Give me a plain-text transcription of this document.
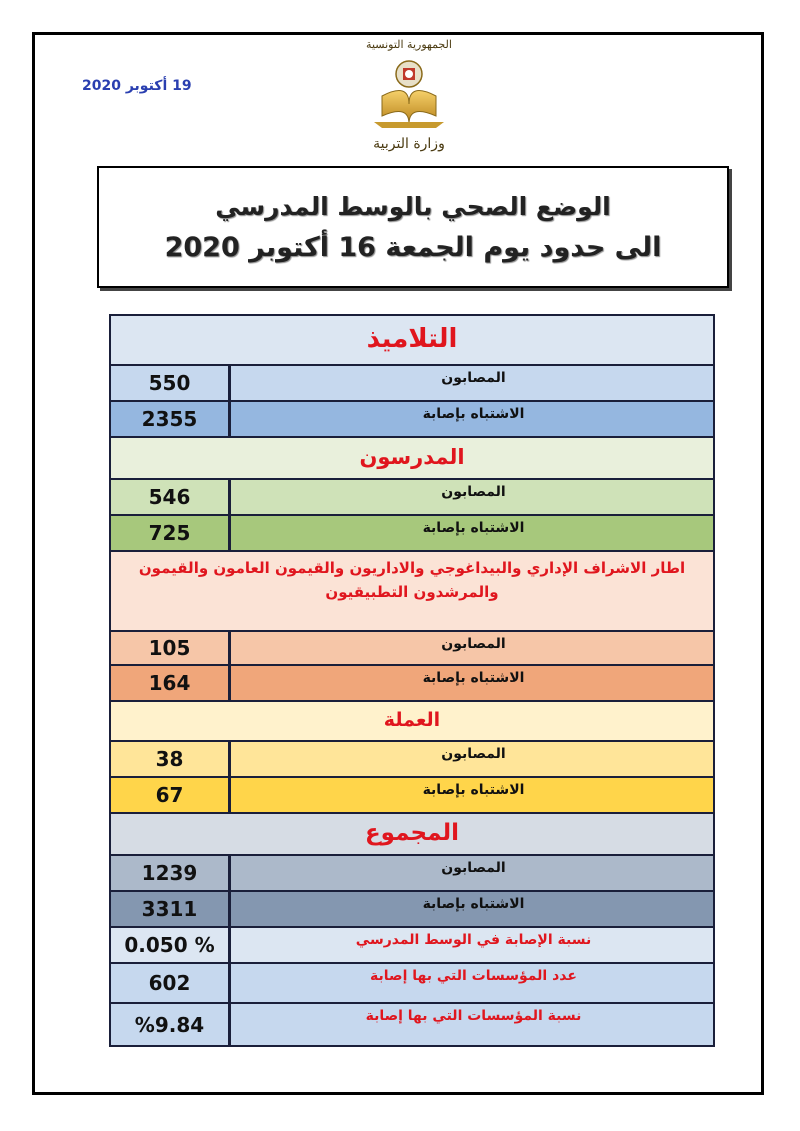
19 أكتوبر 2020
الجمهورية التونسية
وزارة التربية
الوضع الصحي بالوسط المدرسي
الى حدود يوم الجمعة 16 أكتوبر 2020
التلاميذ
550	المصابون
2355	الاشتباه بإصابة
المدرسون
546	المصابون
725	الاشتباه بإصابة
اطار الاشراف الإداري والبيداغوجي والاداريون والقيمون العامون والقيمون والمرشدون التطبيقيون
105	المصابون
164	الاشتباه بإصابة
العملة
38	المصابون
67	الاشتباه بإصابة
المجموع
1239	المصابون
3311	الاشتباه بإصابة
0.050 %	نسبة الإصابة في الوسط المدرسي
602	عدد المؤسسات التي بها إصابة
%9.84	نسبة المؤسسات التي بها إصابة
